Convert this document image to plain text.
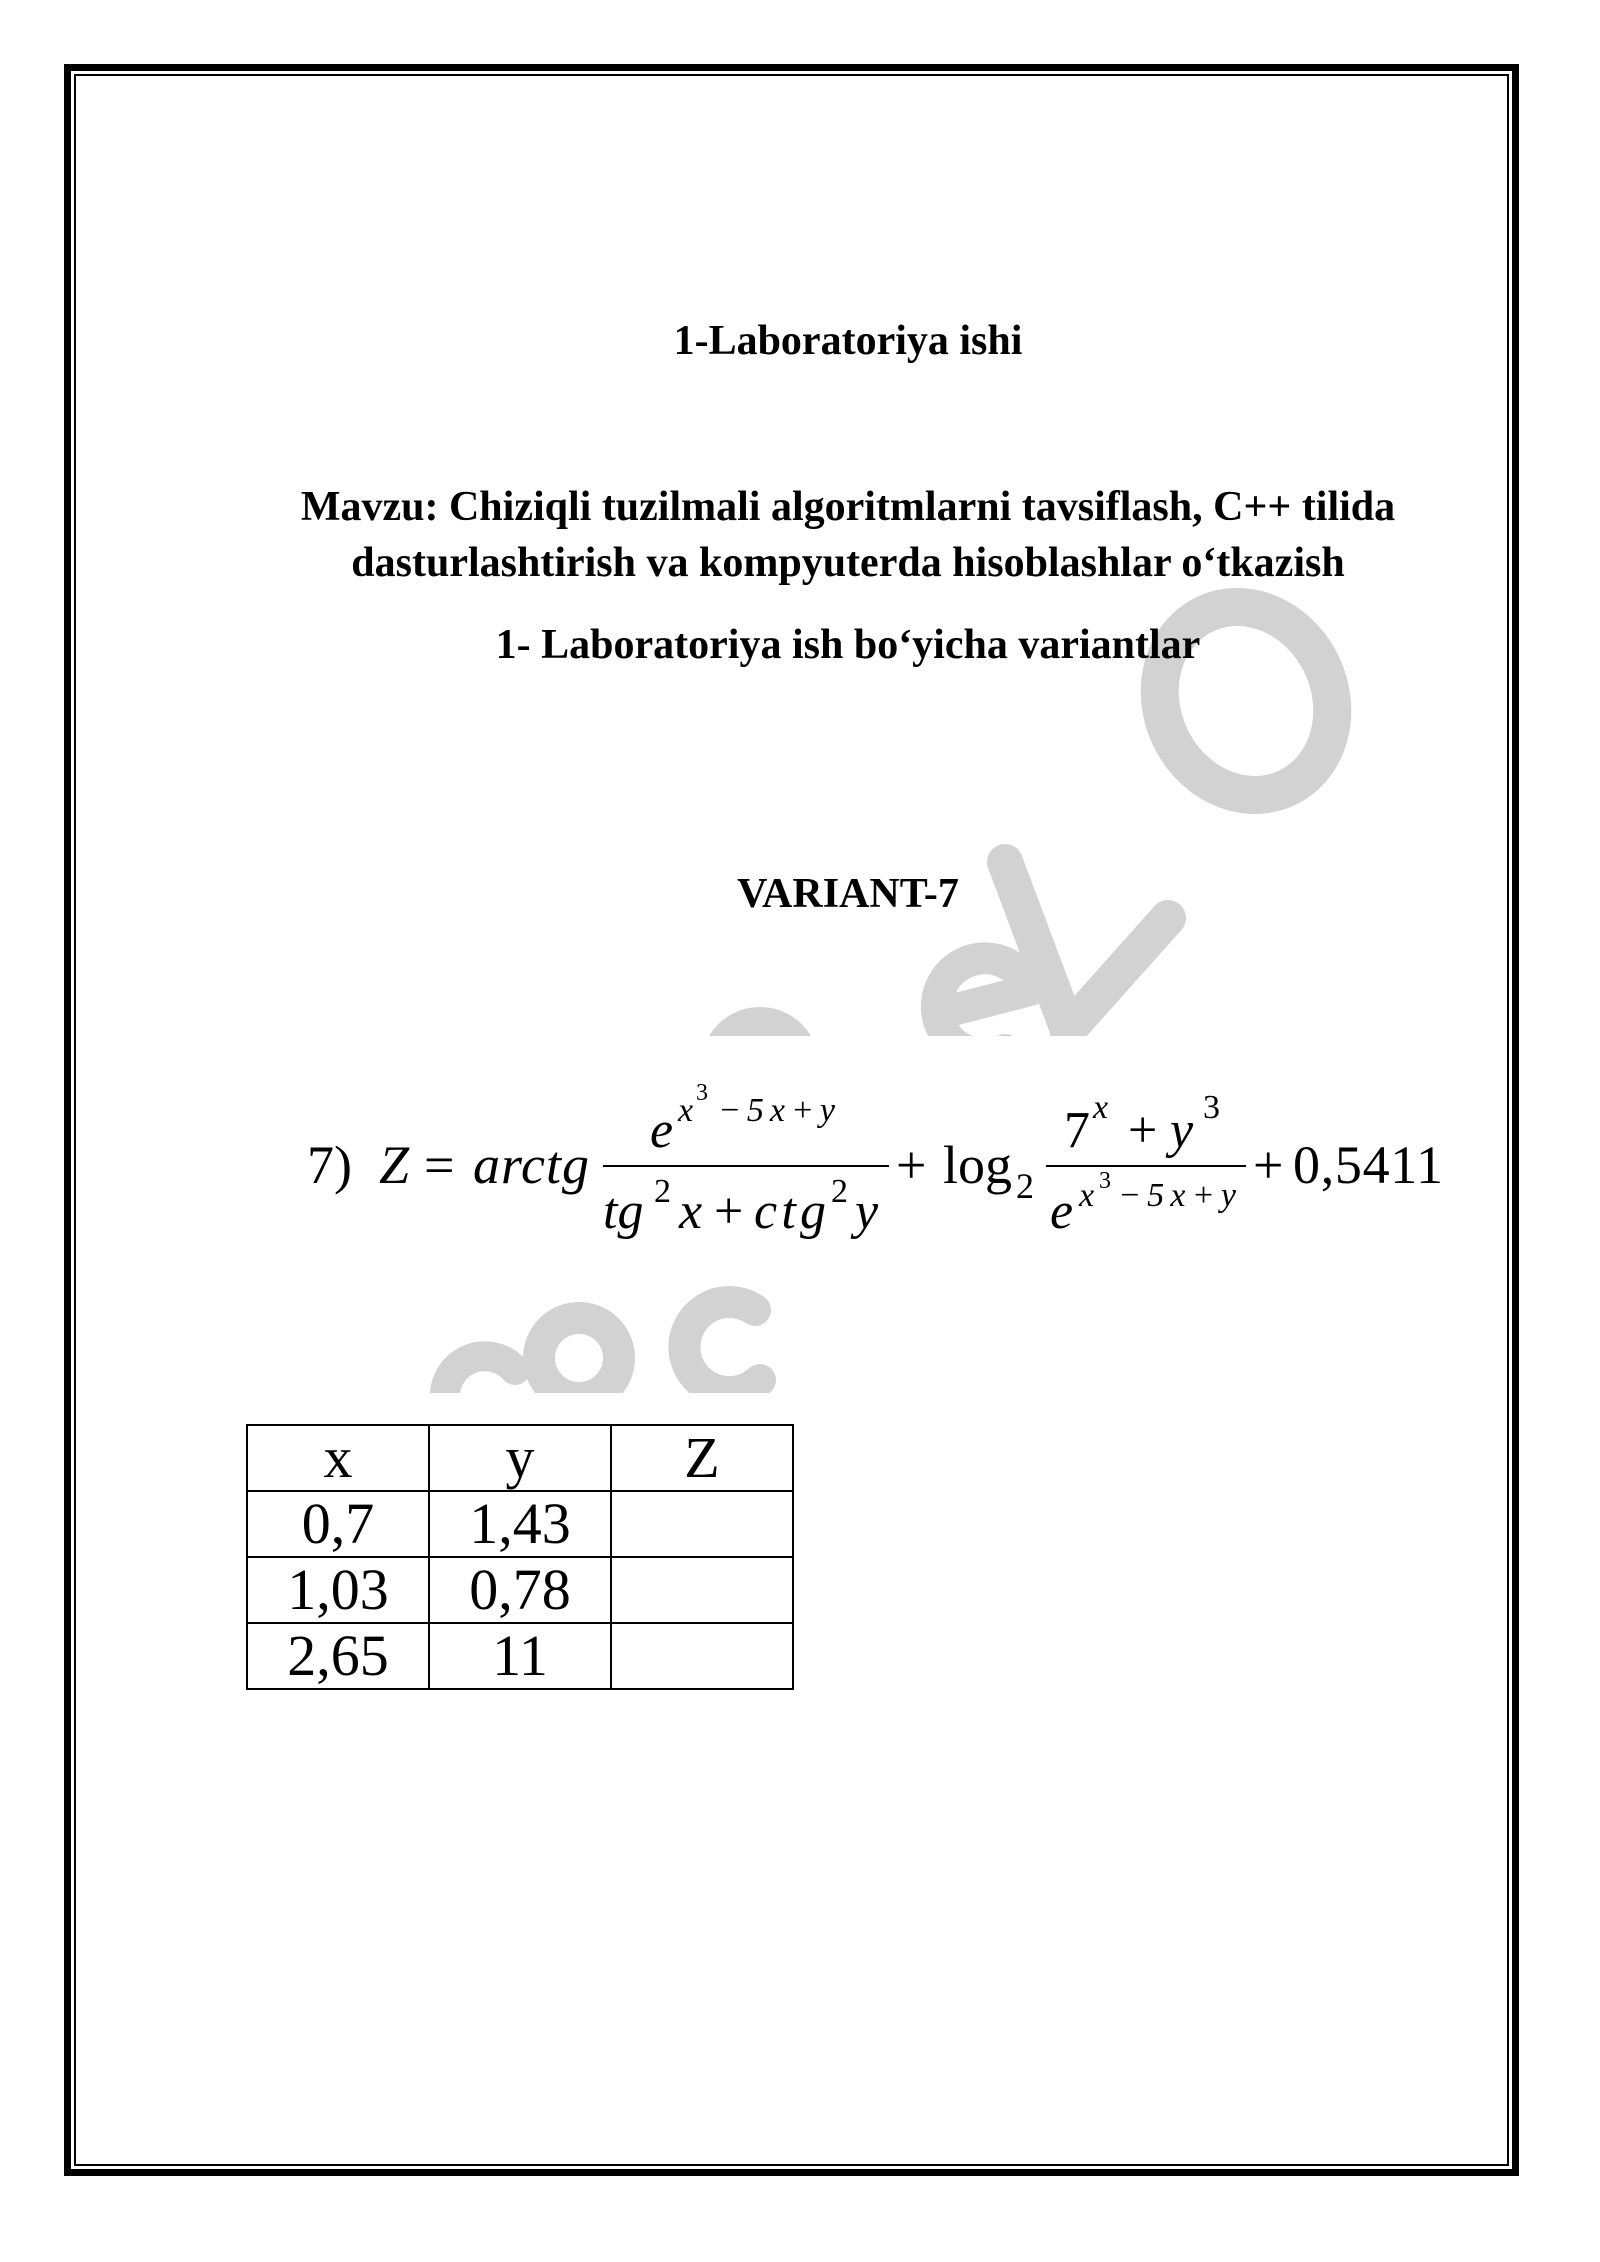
1-Laboratoriya ishi
Mavzu: Chiziqli tuzilmali algoritmlarni tavsiflash, C++ tilida
dasturlashtirish va kompyuterda hisoblashlar o‘tkazish
1- Laboratoriya ish bo‘yicha variantlar
VARIANT-7
7) Z = arctg
e x 3 −5x+y
tg 2 x + ctg 2 y
+ log 2
7 x + y 3
e x 3 −5x+y
+ 0,5411
x	y	Z
0,7	1,43	
1,03	0,78	
2,65	11	
